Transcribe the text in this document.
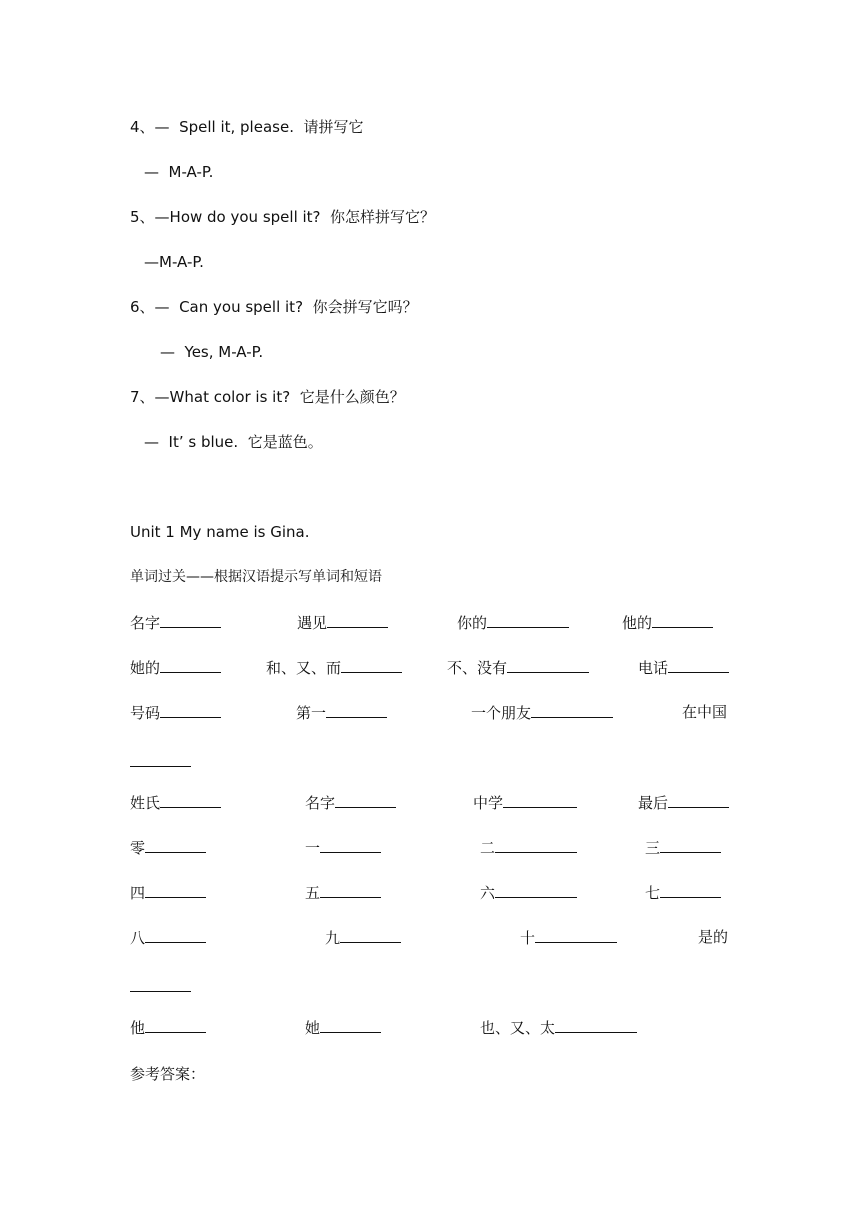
4、—  Spell it, please.  请拼写它
—  M-A-P.
5、—How do you spell it?  你怎样拼写它？
—M-A-P.
6、—  Can you spell it?  你会拼写它吗？
—  Yes, M-A-P.
7、—What color is it?  它是什么颜色？
—  It’ s blue.  它是蓝色。
Unit 1 My name is Gina.
单词过关——根据汉语提示写单词和短语
名字	遇见	你的	他的
她的	和、又、而	不、没有	电话
号码	第一	一个朋友	在中国
姓氏	名字	中学	最后
零	一	二	三
四	五	六	七
八	九	十	是的
他	她	也、又、太
参考答案：
